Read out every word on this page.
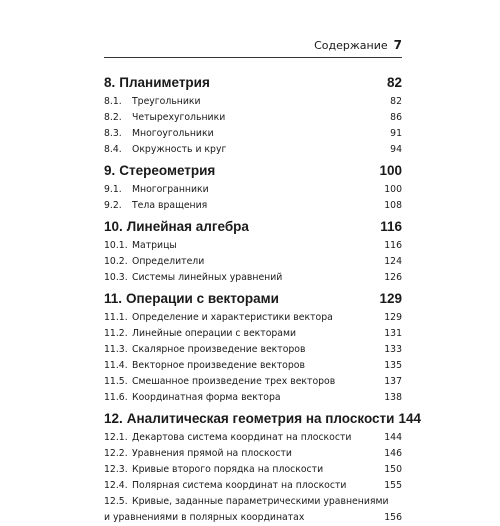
Содержание 7
8. Планиметрия	82
8.1.	Треугольники	82
8.2.	Четырехугольники	86
8.3.	Многоугольники	91
8.4.	Окружность и круг	94
9. Стереометрия	100
9.1.	Многогранники	100
9.2.	Тела вращения	108
10. Линейная алгебра	116
10.1. Матрицы	116
10.2. Определители	124
10.3. Системы линейных уравнений	126
11. Операции с векторами	129
11.1. Определение и характеристики вектора	129
11.2. Линейные операции с векторами	131
11.3. Скалярное произведение векторов	133
11.4. Векторное произведение векторов	135
11.5. Смешанное произведение трех векторов	137
11.6. Координатная форма вектора	138
12. Аналитическая геометрия на плоскости 144
12.1. Декартова система координат на плоскости	144
12.2. Уравнения прямой на плоскости	146
12.3. Кривые второго порядка на плоскости	150
12.4. Полярная система координат на плоскости	155
12.5. Кривые, заданные параметрическими уравнениями
и уравнениями в полярных координатах	156
